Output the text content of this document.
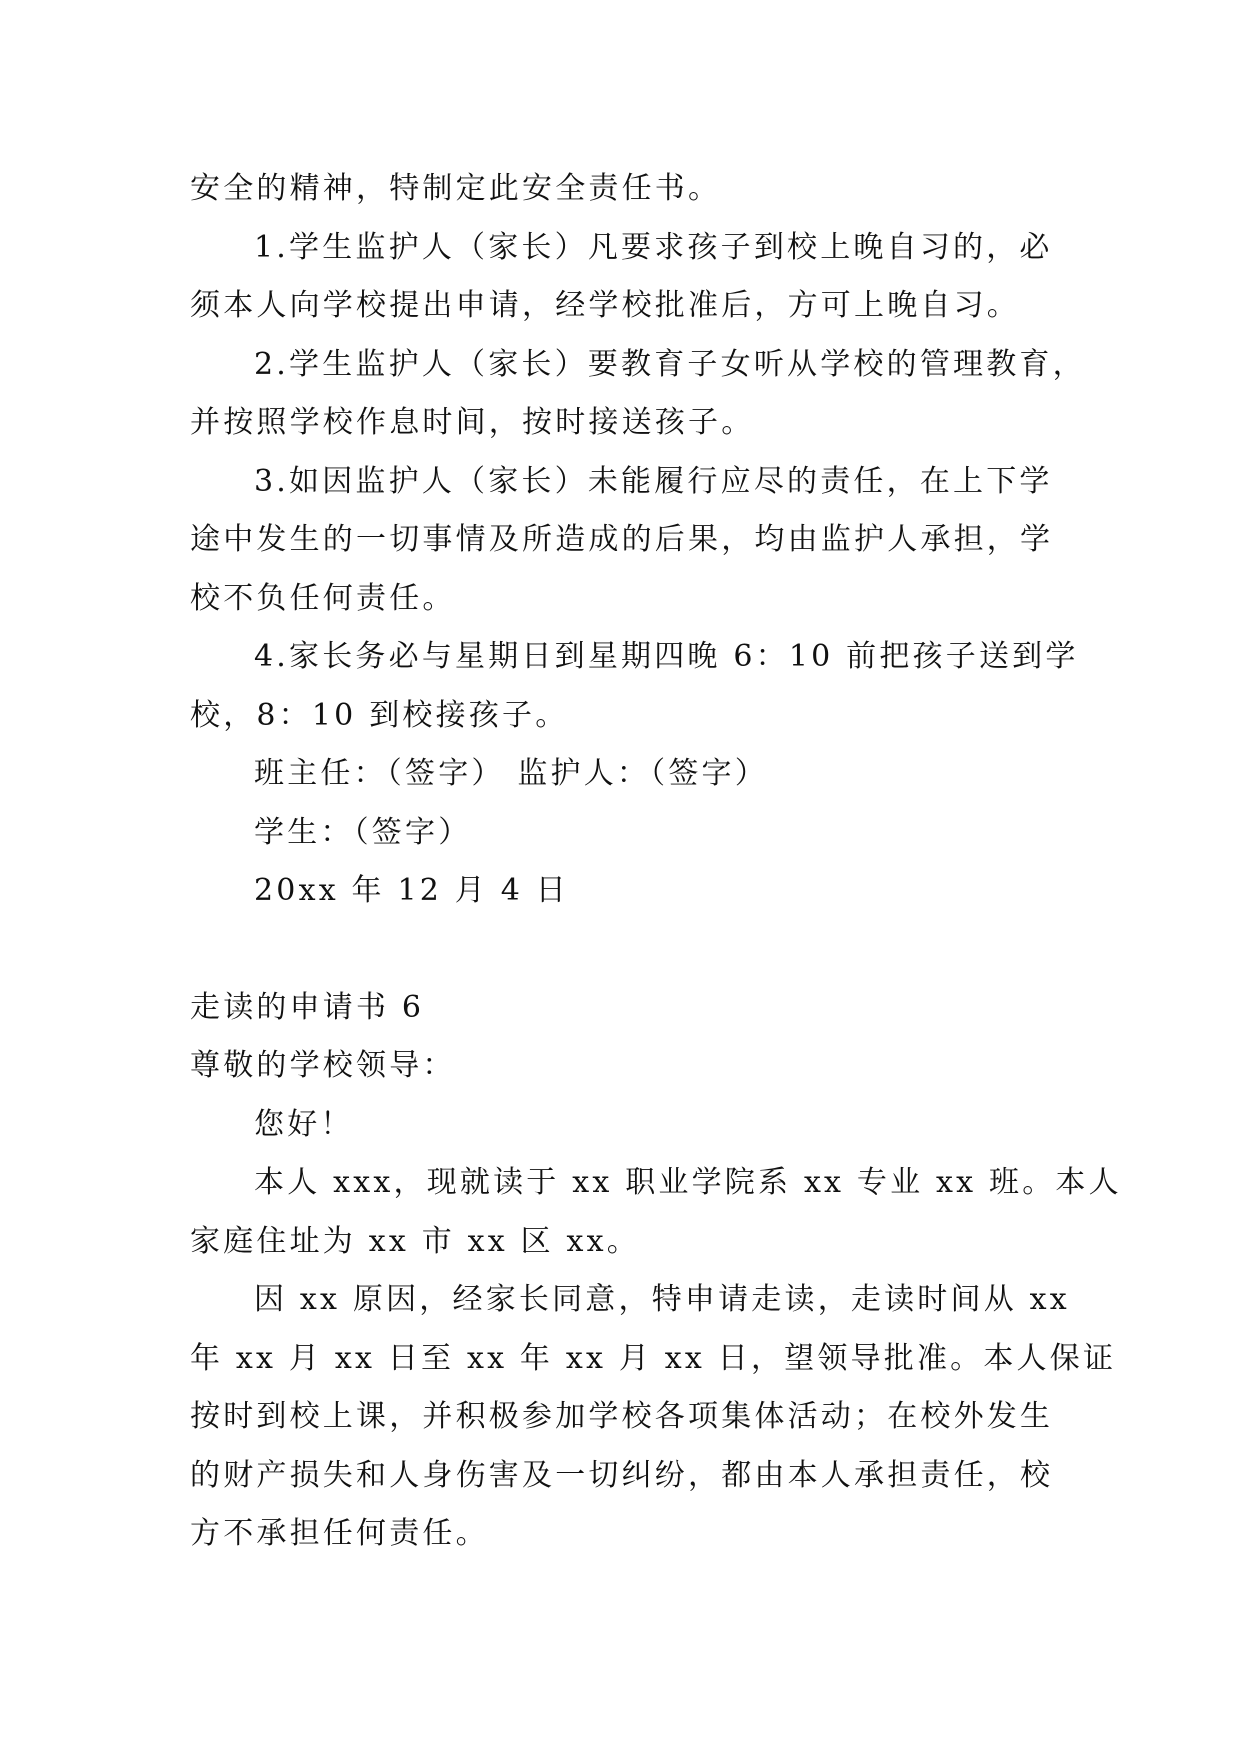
安全的精神，特制定此安全责任书。
1.学生监护人（家长）凡要求孩子到校上晚自习的，必
须本人向学校提出申请，经学校批准后，方可上晚自习。
2.学生监护人（家长）要教育子女听从学校的管理教育，
并按照学校作息时间，按时接送孩子。
3.如因监护人（家长）未能履行应尽的责任，在上下学
途中发生的一切事情及所造成的后果，均由监护人承担，学
校不负任何责任。
4.家长务必与星期日到星期四晚 6：10 前把孩子送到学
校，8：10 到校接孩子。
班主任：（签字） 监护人：（签字）
学生：（签字）
20xx 年 12 月 4 日
走读的申请书 6
尊敬的学校领导：
您好！
本人 xxx，现就读于 xx 职业学院系 xx 专业 xx 班。本人
家庭住址为 xx 市 xx 区 xx。
因 xx 原因，经家长同意，特申请走读，走读时间从 xx
年 xx 月 xx 日至 xx 年 xx 月 xx 日，望领导批准。本人保证
按时到校上课，并积极参加学校各项集体活动；在校外发生
的财产损失和人身伤害及一切纠纷，都由本人承担责任，校
方不承担任何责任。
